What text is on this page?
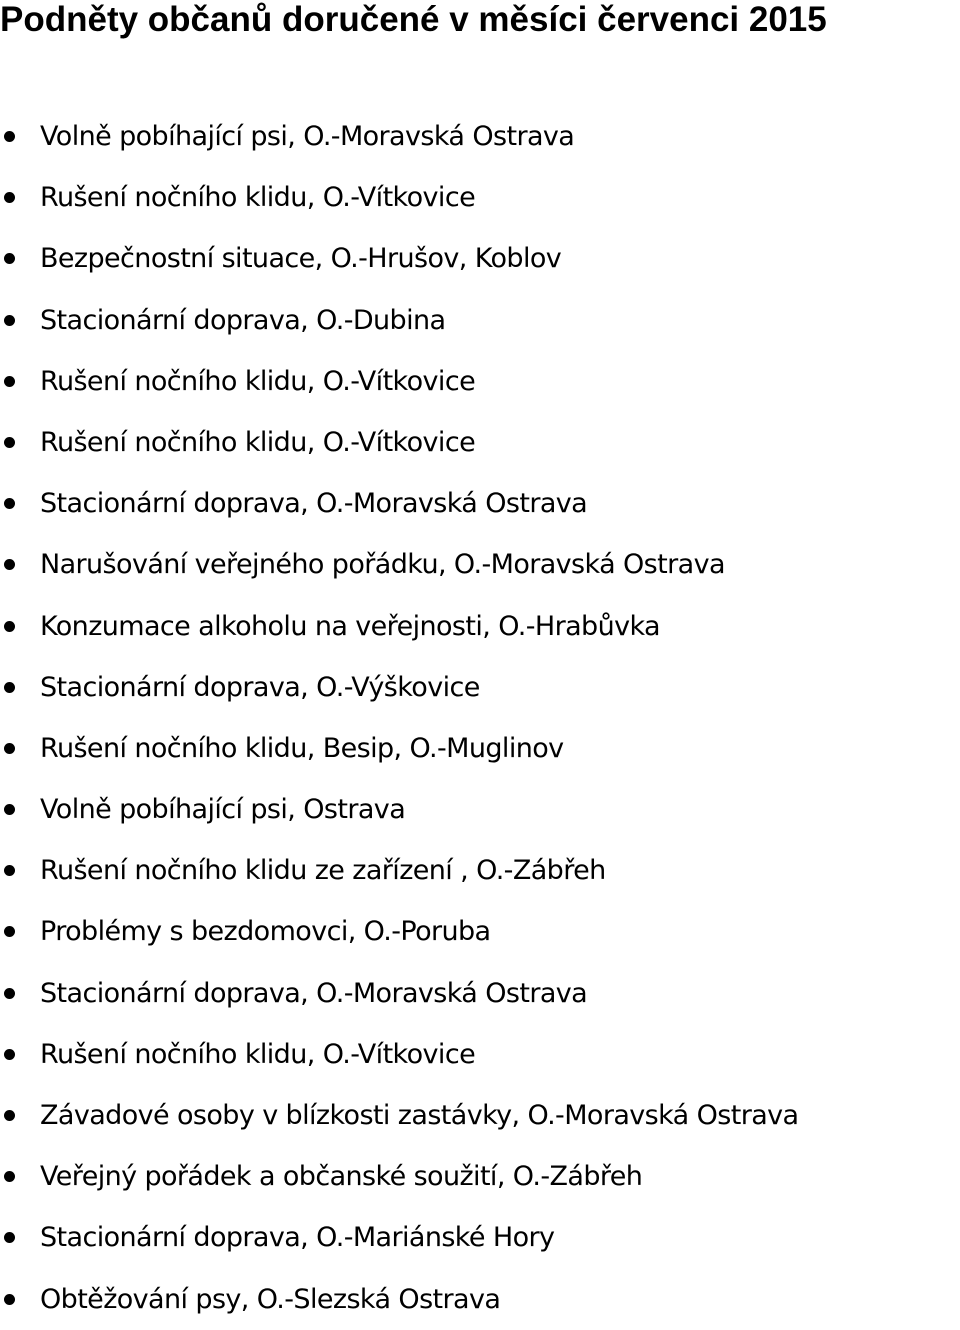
Podněty občanů doručené v měsíci červenci 2015
Volně pobíhající psi, O.-Moravská Ostrava
Rušení nočního klidu, O.-Vítkovice
Bezpečnostní situace, O.-Hrušov, Koblov
Stacionární doprava, O.-Dubina
Rušení nočního klidu, O.-Vítkovice
Rušení nočního klidu, O.-Vítkovice
Stacionární doprava, O.-Moravská Ostrava
Narušování veřejného pořádku, O.-Moravská Ostrava
Konzumace alkoholu na veřejnosti, O.-Hrabůvka
Stacionární doprava, O.-Výškovice
Rušení nočního klidu, Besip, O.-Muglinov
Volně pobíhající psi, Ostrava
Rušení nočního klidu ze zařízení , O.-Zábřeh
Problémy s bezdomovci, O.-Poruba
Stacionární doprava, O.-Moravská Ostrava
Rušení nočního klidu, O.-Vítkovice
Závadové osoby v blízkosti zastávky, O.-Moravská Ostrava
Veřejný pořádek a občanské soužití, O.-Zábřeh
Stacionární doprava, O.-Mariánské Hory
Obtěžování psy, O.-Slezská Ostrava
